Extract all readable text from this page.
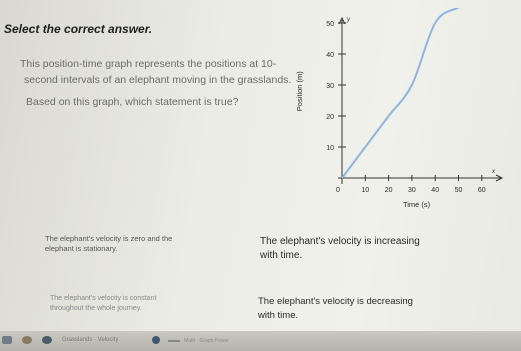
Select the correct answer.
This position-time graph represents the positions at 10-
second intervals of an elephant moving in the grasslands.
Based on this graph, which statement is true?
y
x
10
20
30
40
50
0	10 20 30 40 50 60
Time (s)
Position (m)
The elephant's velocity is zero and the
elephant is stationary.
The elephant's velocity is increasing
with time.
The elephant's velocity is constant
throughout the whole journey.
The elephant's velocity is decreasing
with time.
Grasslands · Velocity	Math · Graph Power
